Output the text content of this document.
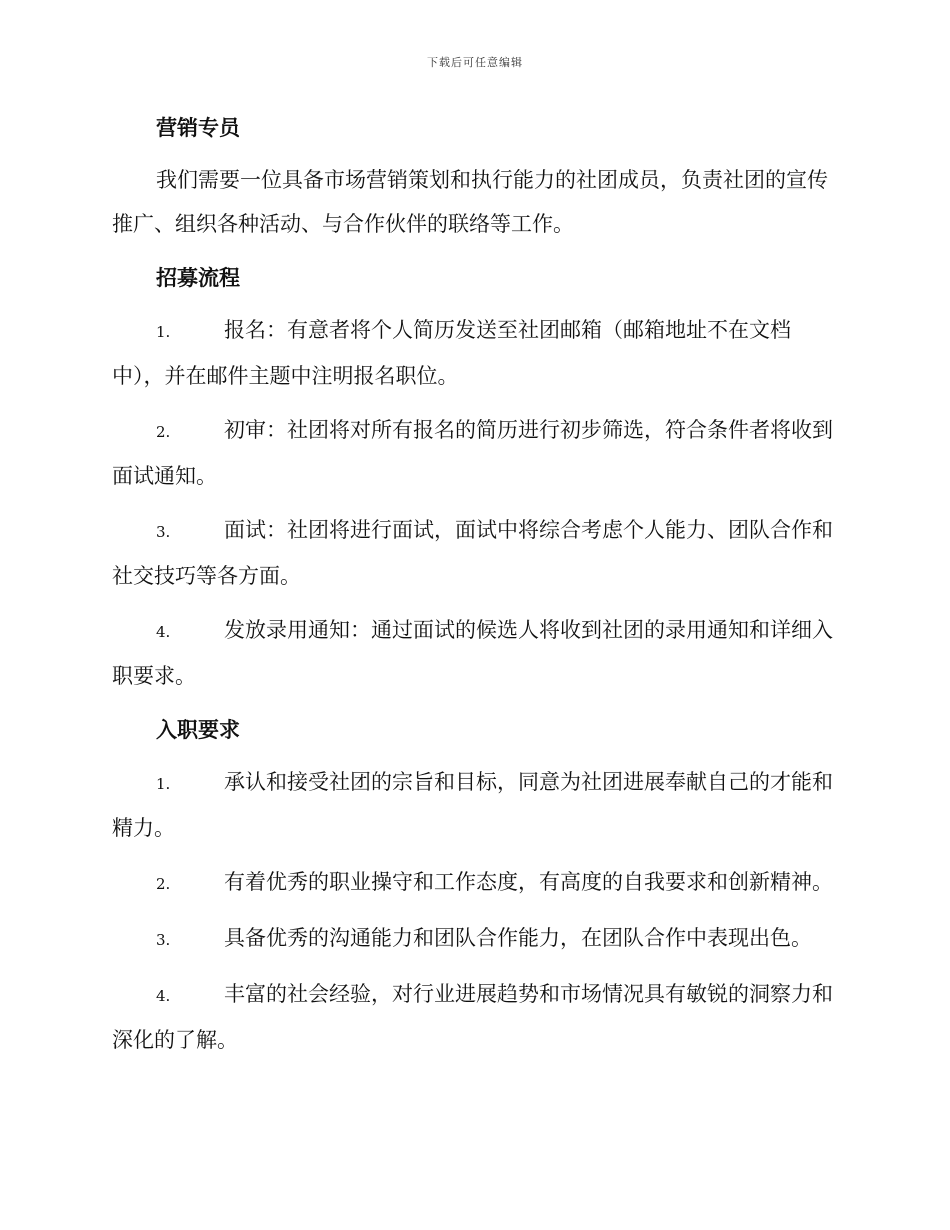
下载后可任意编辑
营销专员

我们需要一位具备市场营销策划和执行能力的社团成员，负责社团的宣传推广、组织各种活动、与合作伙伴的联络等工作。

招募流程
1.	报名：有意者将个人简历发送至社团邮箱（邮箱地址不在文档中），并在邮件主题中注明报名职位。
2.	初审：社团将对所有报名的简历进行初步筛选，符合条件者将收到面试通知。
3.	面试：社团将进行面试，面试中将综合考虑个人能力、团队合作和社交技巧等各方面。
4.	发放录用通知：通过面试的候选人将收到社团的录用通知和详细入职要求。
入职要求
1.	承认和接受社团的宗旨和目标，同意为社团进展奉献自己的才能和精力。
2.	有着优秀的职业操守和工作态度，有高度的自我要求和创新精神。
3.	具备优秀的沟通能力和团队合作能力，在团队合作中表现出色。
4.	丰富的社会经验，对行业进展趋势和市场情况具有敏锐的洞察力和深化的了解。
